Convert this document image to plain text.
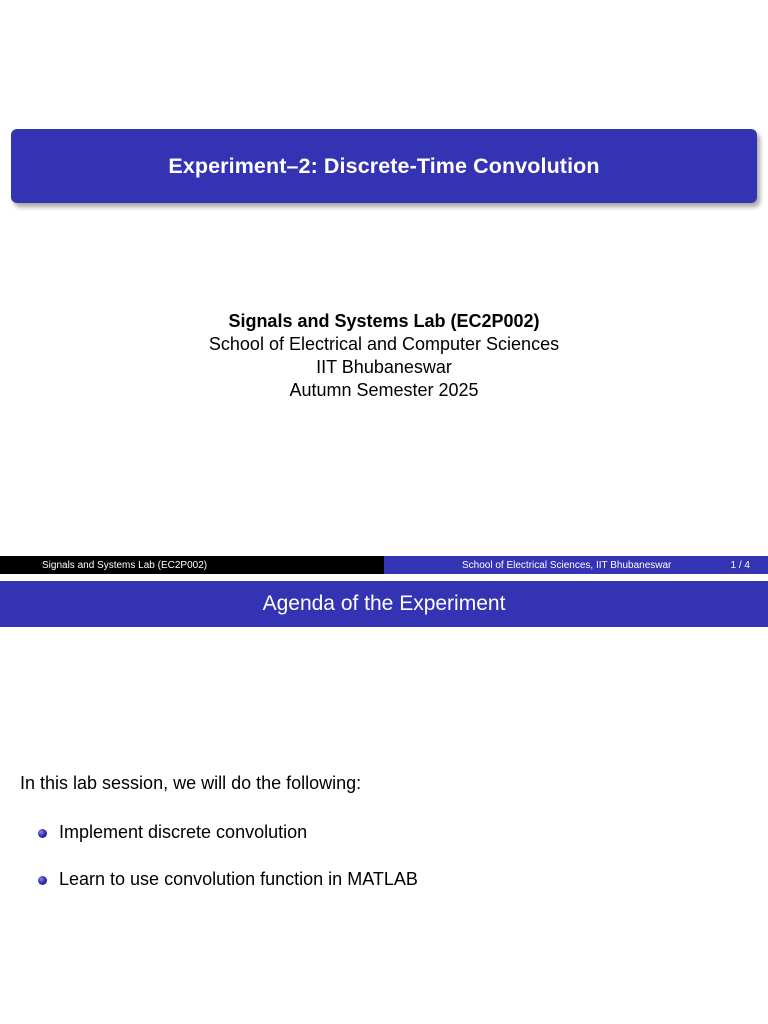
Experiment–2: Discrete-Time Convolution
Signals and Systems Lab (EC2P002)
School of Electrical and Computer Sciences
IIT Bhubaneswar
Autumn Semester 2025
Signals and Systems Lab (EC2P002)	School of Electrical Sciences, IIT Bhubaneswar	1 / 4
Agenda of the Experiment
In this lab session, we will do the following:
Implement discrete convolution
Learn to use convolution function in MATLAB
